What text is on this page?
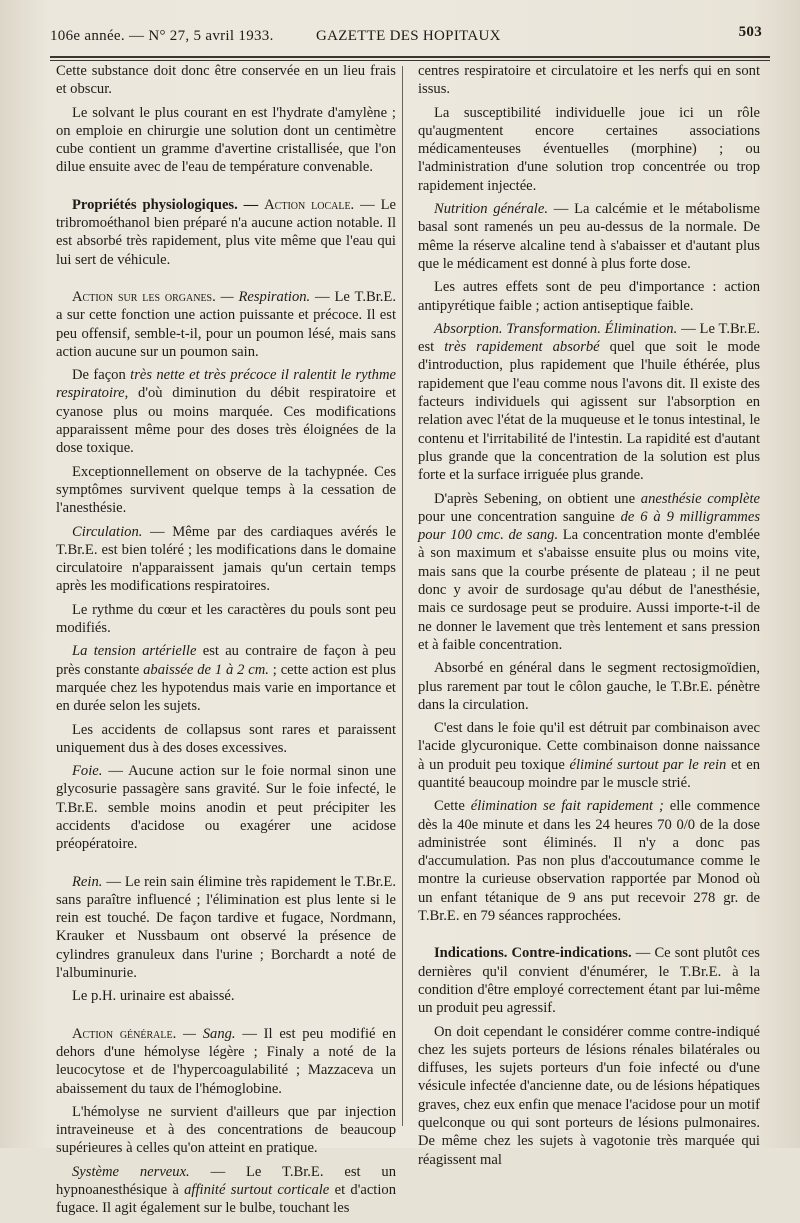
106e année. — N° 27, 5 avril 1933.	GAZETTE DES HOPITAUX	503

Cette substance doit donc être conservée en un lieu frais et obscur.

Le solvant le plus courant en est l'hydrate d'amylène ; on emploie en chirurgie une solution dont un centimètre cube contient un gramme d'avertine cristallisée, que l'on dilue ensuite avec de l'eau de température convenable.

Propriétés physiologiques. — Action locale. — Le tribromoéthanol bien préparé n'a aucune action notable. Il est absorbé très rapidement, plus vite même que l'eau qui lui sert de véhicule.

Action sur les organes. — Respiration. — Le T.Br.E. a sur cette fonction une action puissante et précoce. Il est peu offensif, semble-t-il, pour un poumon lésé, mais sans action aucune sur un poumon sain.

De façon très nette et très précoce il ralentit le rythme respiratoire, d'où diminution du débit respiratoire et cyanose plus ou moins marquée. Ces modifications apparaissent même pour des doses très éloignées de la dose toxique.

Exceptionnellement on observe de la tachypnée. Ces symptômes survivent quelque temps à la cessation de l'anesthésie.

Circulation. — Même par des cardiaques avérés le T.Br.E. est bien toléré ; les modifications dans le domaine circulatoire n'apparaissent jamais qu'un certain temps après les modifications respiratoires.

Le rythme du cœur et les caractères du pouls sont peu modifiés.

La tension artérielle est au contraire de façon à peu près constante abaissée de 1 à 2 cm. ; cette action est plus marquée chez les hypotendus mais varie en importance et en durée selon les sujets.

Les accidents de collapsus sont rares et paraissent uniquement dus à des doses excessives.

Foie. — Aucune action sur le foie normal sinon une glycosurie passagère sans gravité. Sur le foie infecté, le T.Br.E. semble moins anodin et peut précipiter les accidents d'acidose ou exagérer une acidose préopératoire.

Rein. — Le rein sain élimine très rapidement le T.Br.E. sans paraître influencé ; l'élimination est plus lente si le rein est touché. De façon tardive et fugace, Nordmann, Krauker et Nussbaum ont observé la présence de cylindres granuleux dans l'urine ; Borchardt a noté de l'albuminurie.

Le p.H. urinaire est abaissé.

Action générale. — Sang. — Il est peu modifié en dehors d'une hémolyse légère ; Finaly a noté de la leucocytose et de l'hypercoagulabilité ; Mazzaceva un abaissement du taux de l'hémoglobine.

L'hémolyse ne survient d'ailleurs que par injection intraveineuse et à des concentrations de beaucoup supérieures à celles qu'on atteint en pratique.

Système nerveux. — Le T.Br.E. est un hypnoanesthésique à affinité surtout corticale et d'action fugace. Il agit également sur le bulbe, touchant les

centres respiratoire et circulatoire et les nerfs qui en sont issus.

La susceptibilité individuelle joue ici un rôle qu'augmentent encore certaines associations médicamenteuses éventuelles (morphine) ; ou l'administration d'une solution trop concentrée ou trop rapidement injectée.

Nutrition générale. — La calcémie et le métabolisme basal sont ramenés un peu au-dessus de la normale. De même la réserve alcaline tend à s'abaisser et d'autant plus que le médicament est donné à plus forte dose.

Les autres effets sont de peu d'importance : action antipyrétique faible ; action antiseptique faible.

Absorption. Transformation. Élimination. — Le T.Br.E. est très rapidement absorbé quel que soit le mode d'introduction, plus rapidement que l'huile éthérée, plus rapidement que l'eau comme nous l'avons dit. Il existe des facteurs individuels qui agissent sur l'absorption en relation avec l'état de la muqueuse et le tonus intestinal, le contenu et l'irritabilité de l'intestin. La rapidité est d'autant plus grande que la concentration de la solution est plus forte et la surface irriguée plus grande.

D'après Sebening, on obtient une anesthésie complète pour une concentration sanguine de 6 à 9 milligrammes pour 100 cmc. de sang. La concentration monte d'emblée à son maximum et s'abaisse ensuite plus ou moins vite, mais sans que la courbe présente de plateau ; il ne peut donc y avoir de surdosage qu'au début de l'anesthésie, mais ce surdosage peut se produire. Aussi importe-t-il de ne donner le lavement que très lentement et sans pression et à faible concentration.

Absorbé en général dans le segment rectosigmoïdien, plus rarement par tout le côlon gauche, le T.Br.E. pénètre dans la circulation.

C'est dans le foie qu'il est détruit par combinaison avec l'acide glycuronique. Cette combinaison donne naissance à un produit peu toxique éliminé surtout par le rein et en quantité beaucoup moindre par le muscle strié.

Cette élimination se fait rapidement ; elle commence dès la 40e minute et dans les 24 heures 70 0/0 de la dose administrée sont éliminés. Il n'y a donc pas d'accumulation. Pas non plus d'accoutumance comme le montre la curieuse observation rapportée par Monod où un enfant tétanique de 9 ans put recevoir 278 gr. de T.Br.E. en 79 séances rapprochées.

Indications. Contre-indications. — Ce sont plutôt ces dernières qu'il convient d'énumérer, le T.Br.E. à la condition d'être employé correctement étant par lui-même un produit peu agressif.

On doit cependant le considérer comme contre-indiqué chez les sujets porteurs de lésions rénales bilatérales ou diffuses, les sujets porteurs d'un foie infecté ou d'une vésicule infectée d'ancienne date, ou de lésions hépatiques graves, chez eux enfin que menace l'acidose pour un motif quelconque ou qui sont porteurs de lésions pulmonaires. De même chez les sujets à vagotonie très marquée qui réagissent mal
